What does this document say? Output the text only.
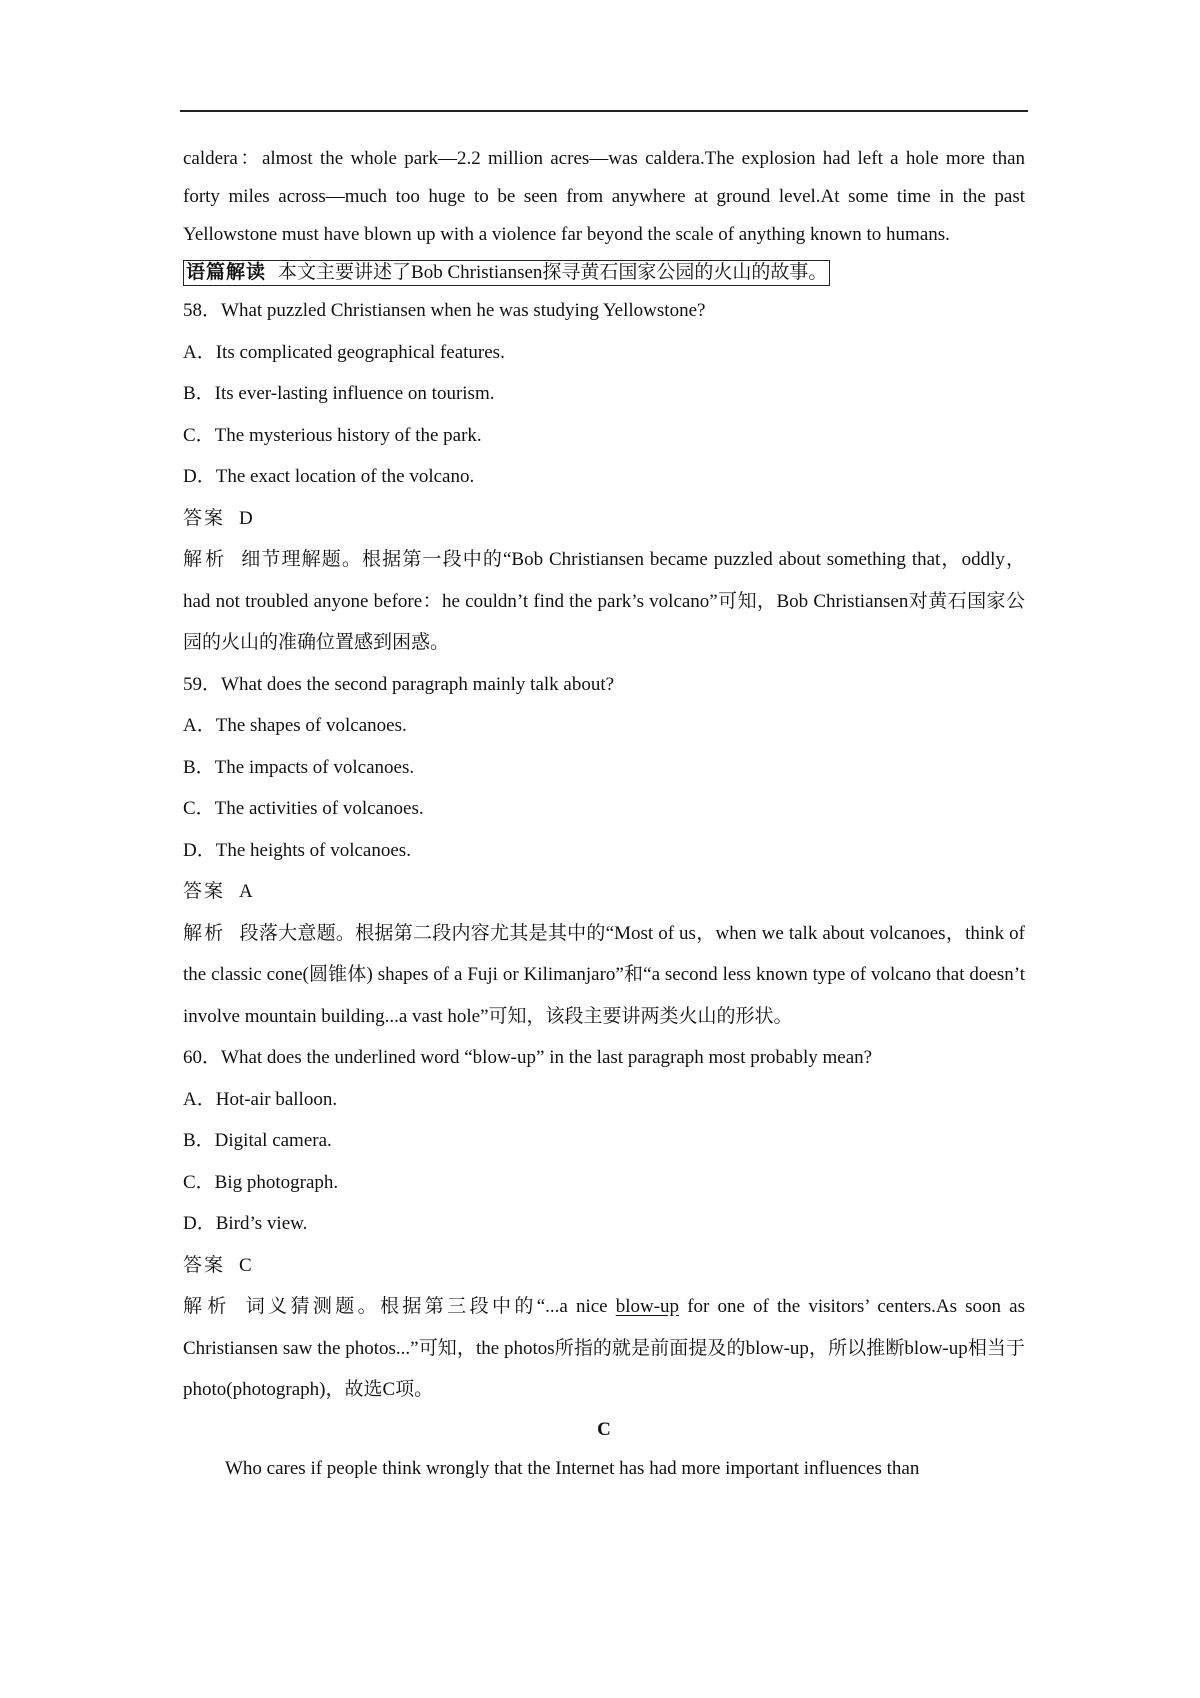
caldera：almost the whole park—2.2 million acres—was caldera.The explosion had left a hole more than forty miles across—much too huge to be seen from anywhere at ground level.At some time in the past Yellowstone must have blown up with a violence far beyond the scale of anything known to humans.

语篇解读 本文主要讲述了Bob Christiansen探寻黄石国家公园的火山的故事。

58．What puzzled Christiansen when he was studying Yellowstone?

A．Its complicated geographical features.

B．Its ever-lasting influence on tourism.

C．The mysterious history of the park.

D．The exact location of the volcano.

答案 D

解析 细节理解题。根据第一段中的“Bob Christiansen became puzzled about something that，oddly，had not troubled anyone before：he couldn’t find the park’s volcano”可知，Bob Christiansen对黄石国家公园的火山的准确位置感到困惑。

59．What does the second paragraph mainly talk about?

A．The shapes of volcanoes.

B．The impacts of volcanoes.

C．The activities of volcanoes.

D．The heights of volcanoes.

答案 A

解析 段落大意题。根据第二段内容尤其是其中的“Most of us，when we talk about volcanoes，think of the classic cone(圆锥体) shapes of a Fuji or Kilimanjaro”和“a second less known type of volcano that doesn’t involve mountain building...a vast hole”可知，该段主要讲两类火山的形状。

60．What does the underlined word “blow-up” in the last paragraph most probably mean?

A．Hot-air balloon.

B．Digital camera.

C．Big photograph.

D．Bird’s view.

答案 C

解析 词义猜测题。根据第三段中的“...a nice blow-up for one of the visitors’ centers.As soon as Christiansen saw the photos...”可知，the photos所指的就是前面提及的blow-up，所以推断blow-up相当于photo(photograph)，故选C项。

C

Who cares if people think wrongly that the Internet has had more important influences than
